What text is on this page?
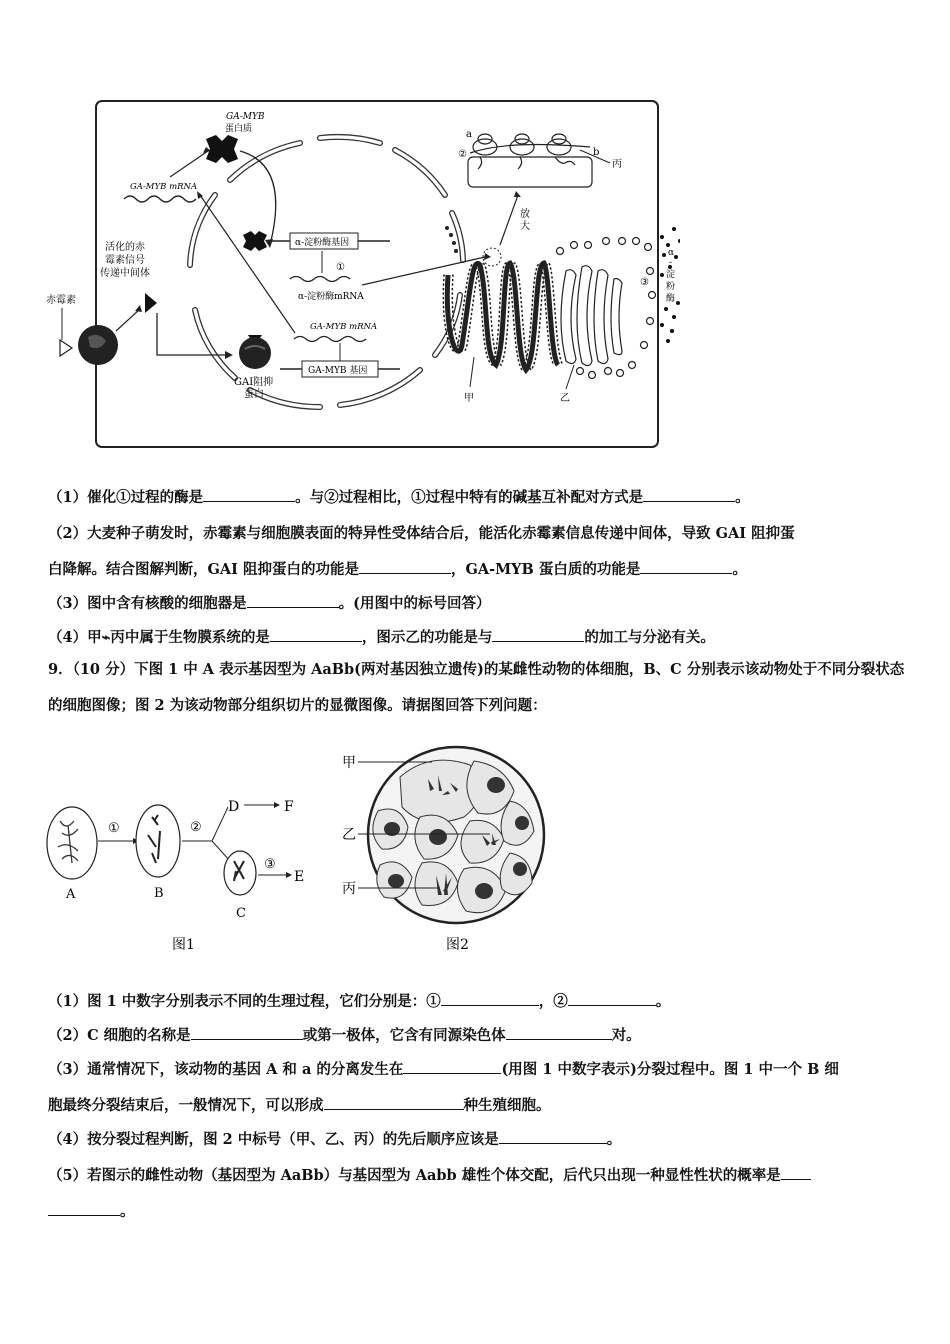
GA-MYB
蛋白质
GA-MYB mRNA
活化的赤
霉素信号
传递中间体
赤霉素
α-淀粉酶基因
①
α-淀粉酶mRNA
GA-MYB mRNA
GA-MYB 基因
GAI阻抑
蛋白
a
②	b
丙
放
大
甲	乙
③
α
-
淀
粉
酶
（1）催化①过程的酶是	。与②过程相比，①过程中特有的碱基互补配对方式是	。
（2）大麦种子萌发时，赤霉素与细胞膜表面的特异性受体结合后，能活化赤霉素信息传递中间体，导致 GAI 阻抑蛋
白降解。结合图解判断，GAI 阻抑蛋白的功能是	，GA-MYB 蛋白质的功能是	。
（3）图中含有核酸的细胞器是	。(用图中的标号回答）
（4）甲⌁丙中属于生物膜系统的是	，图示乙的功能是与	的加工与分泌有关。
9．（10 分）下图 1 中 A 表示基因型为 AaBb(两对基因独立遗传)的某雌性动物的体细胞，B、C 分别表示该动物处于不同分裂状态的细胞图像；图 2 为该动物部分组织切片的显微图像。请据图回答下列问题：
A
①
B
②
D	F
C
③
E
图1
甲
乙
丙
图2
（1）图 1 中数字分别表示不同的生理过程，它们分别是：①	，②	。
（2）C 细胞的名称是	或第一极体，它含有同源染色体	对。
（3）通常情况下，该动物的基因 A 和 a 的分离发生在	(用图 1 中数字表示)分裂过程中。图 1 中一个 B 细
胞最终分裂结束后，一般情况下，可以形成	种生殖细胞。
（4）按分裂过程判断，图 2 中标号（甲、乙、丙）的先后顺序应该是	。
（5）若图示的雌性动物（基因型为 AaBb）与基因型为 Aabb 雄性个体交配，后代只出现一种显性性状的概率是
。
